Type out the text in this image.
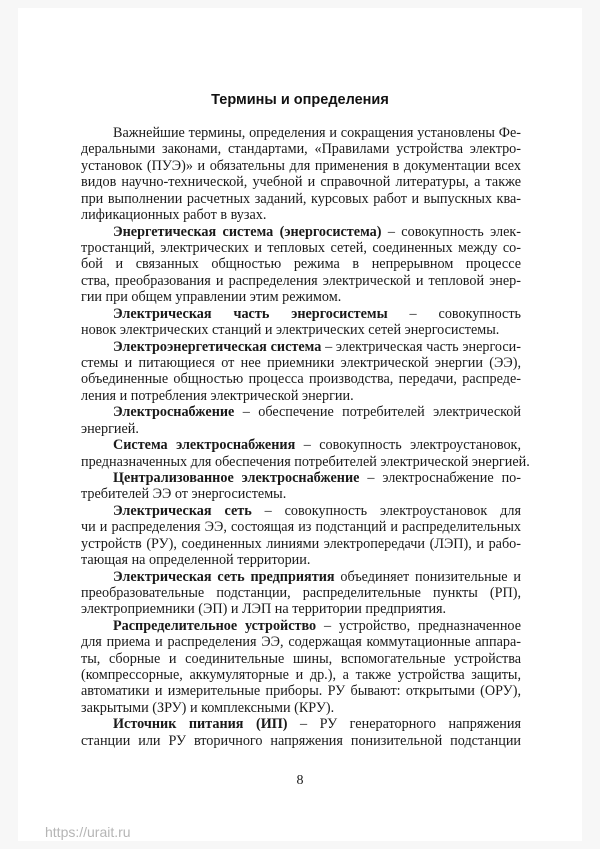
Термины и определения
Важнейшие термины, определения и сокращения установлены Фе-
деральными законами, стандартами, «Правилами устройства электро-
установок (ПУЭ)» и обязательны для применения в документации всех
видов научно-технической, учебной и справочной литературы, а также
при выполнении расчетных заданий, курсовых работ и выпускных ква-
лификационных работ в вузах.
Энергетическая система (энергосистема) – совокупность элек-
тростанций, электрических и тепловых сетей, соединенных между со-
бой и связанных общностью режима в непрерывном процессе
ства, преобразования и распределения электрической и тепловой энер-
гии при общем управлении этим режимом.
Электрическая часть энергосистемы – совокупность
новок электрических станций и электрических сетей энергосистемы.
Электроэнергетическая система – электрическая часть энергоси-
стемы и питающиеся от нее приемники электрической энергии (ЭЭ),
объединенные общностью процесса производства, передачи, распреде-
ления и потребления электрической энергии.
Электроснабжение – обеспечение потребителей электрической
энергией.
Система электроснабжения – совокупность электроустановок,
предназначенных для обеспечения потребителей электрической энергией.
Централизованное электроснабжение – электроснабжение по-
требителей ЭЭ от энергосистемы.
Электрическая сеть – совокупность электроустановок для
чи и распределения ЭЭ, состоящая из подстанций и распределительных
устройств (РУ), соединенных линиями электропередачи (ЛЭП), и рабо-
тающая на определенной территории.
Электрическая сеть предприятия объединяет понизительные и
преобразовательные подстанции, распределительные пункты (РП),
электроприемники (ЭП) и ЛЭП на территории предприятия.
Распределительное устройство – устройство, предназначенное
для приема и распределения ЭЭ, содержащая коммутационные аппара-
ты, сборные и соединительные шины, вспомогательные устройства
(компрессорные, аккумуляторные и др.), а также устройства защиты,
автоматики и измерительные приборы. РУ бывают: открытыми (ОРУ),
закрытыми (ЗРУ) и комплексными (КРУ).
Источник питания (ИП) – РУ генераторного напряжения
станции или РУ вторичного напряжения понизительной подстанции
8
https://urait.ru
